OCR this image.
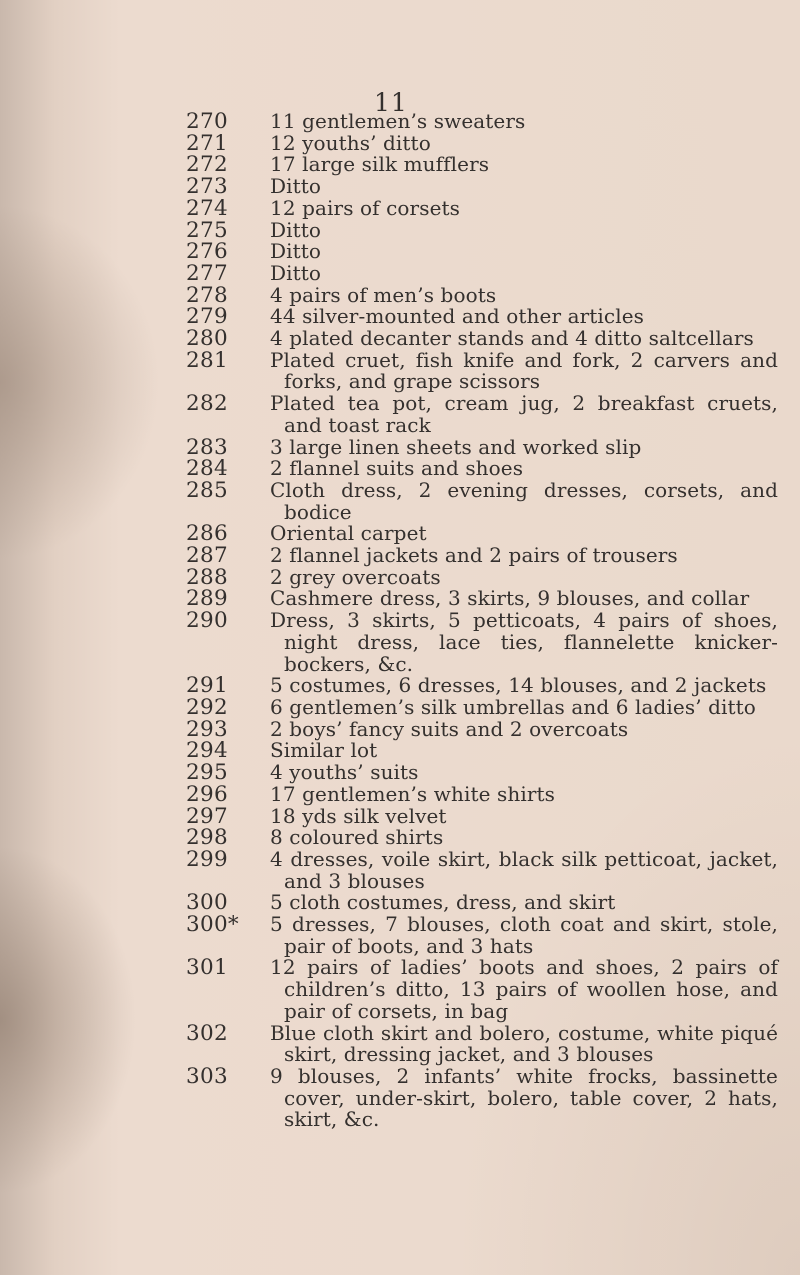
11
270	11 gentlemen’s sweaters
271	12 youths’ ditto
272	17 large silk mufflers
273	Ditto
274	12 pairs of corsets
275	Ditto
276	Ditto
277	Ditto
278	4 pairs of men’s boots
279	44 silver-mounted and other articles
280	4 plated decanter stands and 4 ditto saltcellars
281	Plated cruet, fish knife and fork, 2 carvers and forks, and grape scissors
282	Plated tea pot, cream jug, 2 breakfast cruets, and toast rack
283	3 large linen sheets and worked slip
284	2 flannel suits and shoes
285	Cloth dress, 2 evening dresses, corsets, and bodice
286	Oriental carpet
287	2 flannel jackets and 2 pairs of trousers
288	2 grey overcoats
289	Cashmere dress, 3 skirts, 9 blouses, and collar
290	Dress, 3 skirts, 5 petticoats, 4 pairs of shoes, night dress, lace ties, flannelette knicker-bockers, &c.
291	5 costumes, 6 dresses, 14 blouses, and 2 jackets
292	6 gentlemen’s silk umbrellas and 6 ladies’ ditto
293	2 boys’ fancy suits and 2 overcoats
294	Similar lot
295	4 youths’ suits
296	17 gentlemen’s white shirts
297	18 yds silk velvet
298	8 coloured shirts
299	4 dresses, voile skirt, black silk petticoat, jacket, and 3 blouses
300	5 cloth costumes, dress, and skirt
300*	5 dresses, 7 blouses, cloth coat and skirt, stole, pair of boots, and 3 hats
301	12 pairs of ladies’ boots and shoes, 2 pairs of children’s ditto, 13 pairs of woollen hose, and pair of corsets, in bag
302	Blue cloth skirt and bolero, costume, white piqué skirt, dressing jacket, and 3 blouses
303	9 blouses, 2 infants’ white frocks, bassinette cover, under-skirt, bolero, table cover, 2 hats, skirt, &c.
